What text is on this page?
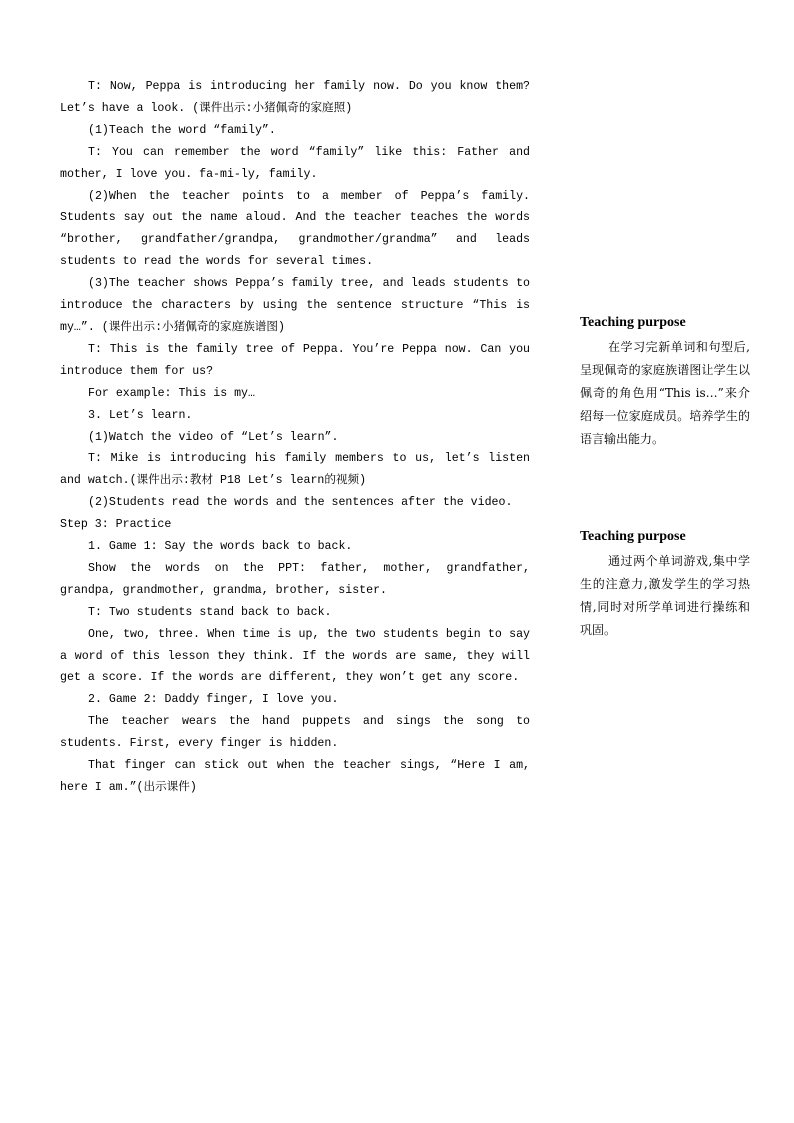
T: Now, Peppa is introducing her family now. Do you know them? Let’s have a look. (课件出示:小猪佩奇的家庭照)

(1)Teach the word “family”.

T: You can remember the word “family” like this: Father and mother, I love you. fa-mi-ly, family.

(2)When the teacher points to a member of Peppa’s family. Students say out the name aloud. And the teacher teaches the words “brother, grandfather/grandpa, grandmother/grandma” and leads students to read the words for several times.

(3)The teacher shows Peppa’s family tree, and leads students to introduce the characters by using the sentence structure “This is my…”. (课件出示:小猪佩奇的家庭族谱图)

T: This is the family tree of Peppa. You’re Peppa now. Can you introduce them for us?

For example: This is my…

3. Let’s learn.

(1)Watch the video of “Let’s learn”.

T: Mike is introducing his family members to us, let’s listen and watch.(课件出示:教材 P18 Let’s learn的视频)

(2)Students read the words and the sentences after the video.

Step 3: Practice

1. Game 1: Say the words back to back.

Show the words on the PPT: father, mother, grandfather, grandpa, grandmother, grandma, brother, sister.

T: Two students stand back to back.

One, two, three. When time is up, the two students begin to say a word of this lesson they think. If the words are same, they will get a score. If the words are different, they won’t get any score.

2. Game 2: Daddy finger, I love you.

The teacher wears the hand puppets and sings the song to students. First, every finger is hidden.

That finger can stick out when the teacher sings, “Here I am, here I am.”(出示课件)

Teaching purpose

在学习完新单词和句型后,呈现佩奇的家庭族谱图让学生以佩奇的角色用“This is…”来介绍每一位家庭成员。培养学生的语言输出能力。

Teaching purpose

通过两个单词游戏,集中学生的注意力,激发学生的学习热情,同时对所学单词进行操练和巩固。
